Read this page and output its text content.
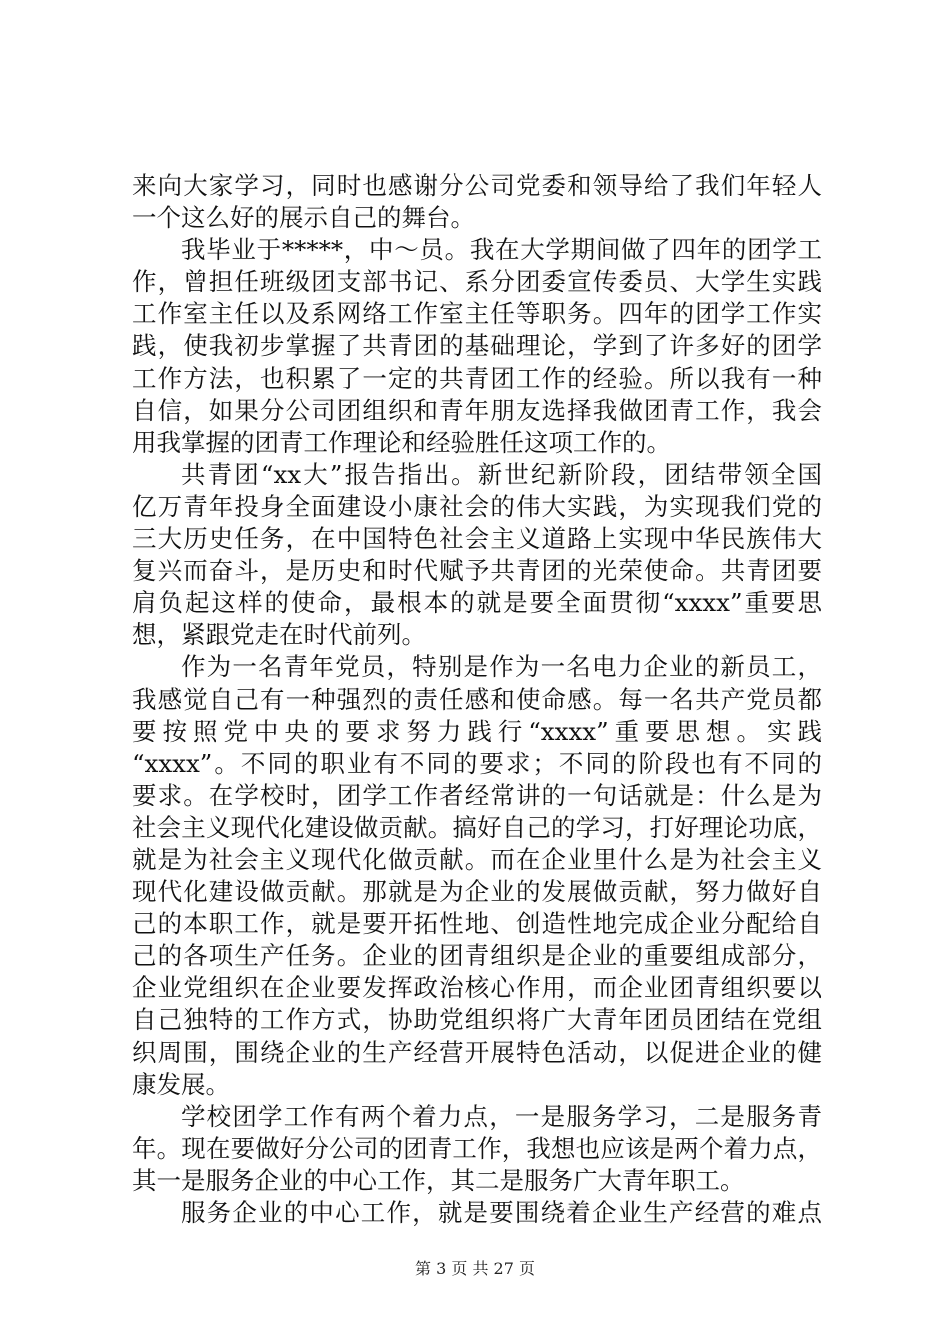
来向大家学习，同时也感谢分公司党委和领导给了我们年轻人
一个这么好的展示自己的舞台。
我毕业于*****，中～员。我在大学期间做了四年的团学工
作，曾担任班级团支部书记、系分团委宣传委员、大学生实践
工作室主任以及系网络工作室主任等职务。四年的团学工作实
践，使我初步掌握了共青团的基础理论，学到了许多好的团学
工作方法，也积累了一定的共青团工作的经验。所以我有一种
自信，如果分公司团组织和青年朋友选择我做团青工作，我会
用我掌握的团青工作理论和经验胜任这项工作的。
共青团“xx大”报告指出。新世纪新阶段，团结带领全国
亿万青年投身全面建设小康社会的伟大实践，为实现我们党的
三大历史任务，在中国特色社会主义道路上实现中华民族伟大
复兴而奋斗，是历史和时代赋予共青团的光荣使命。共青团要
肩负起这样的使命，最根本的就是要全面贯彻“xxxx”重要思
想，紧跟党走在时代前列。
作为一名青年党员，特别是作为一名电力企业的新员工，
我感觉自己有一种强烈的责任感和使命感。每一名共产党员都
要按照党中央的要求努力践行“xxxx”重要思想。实践
“xxxx”。不同的职业有不同的要求；不同的阶段也有不同的
要求。在学校时，团学工作者经常讲的一句话就是：什么是为
社会主义现代化建设做贡献。搞好自己的学习，打好理论功底，
就是为社会主义现代化做贡献。而在企业里什么是为社会主义
现代化建设做贡献。那就是为企业的发展做贡献，努力做好自
己的本职工作，就是要开拓性地、创造性地完成企业分配给自
己的各项生产任务。企业的团青组织是企业的重要组成部分，
企业党组织在企业要发挥政治核心作用，而企业团青组织要以
自己独特的工作方式，协助党组织将广大青年团员团结在党组
织周围，围绕企业的生产经营开展特色活动，以促进企业的健
康发展。
学校团学工作有两个着力点，一是服务学习，二是服务青
年。现在要做好分公司的团青工作，我想也应该是两个着力点，
其一是服务企业的中心工作，其二是服务广大青年职工。
服务企业的中心工作，就是要围绕着企业生产经营的难点
第 3 页 共 27 页
